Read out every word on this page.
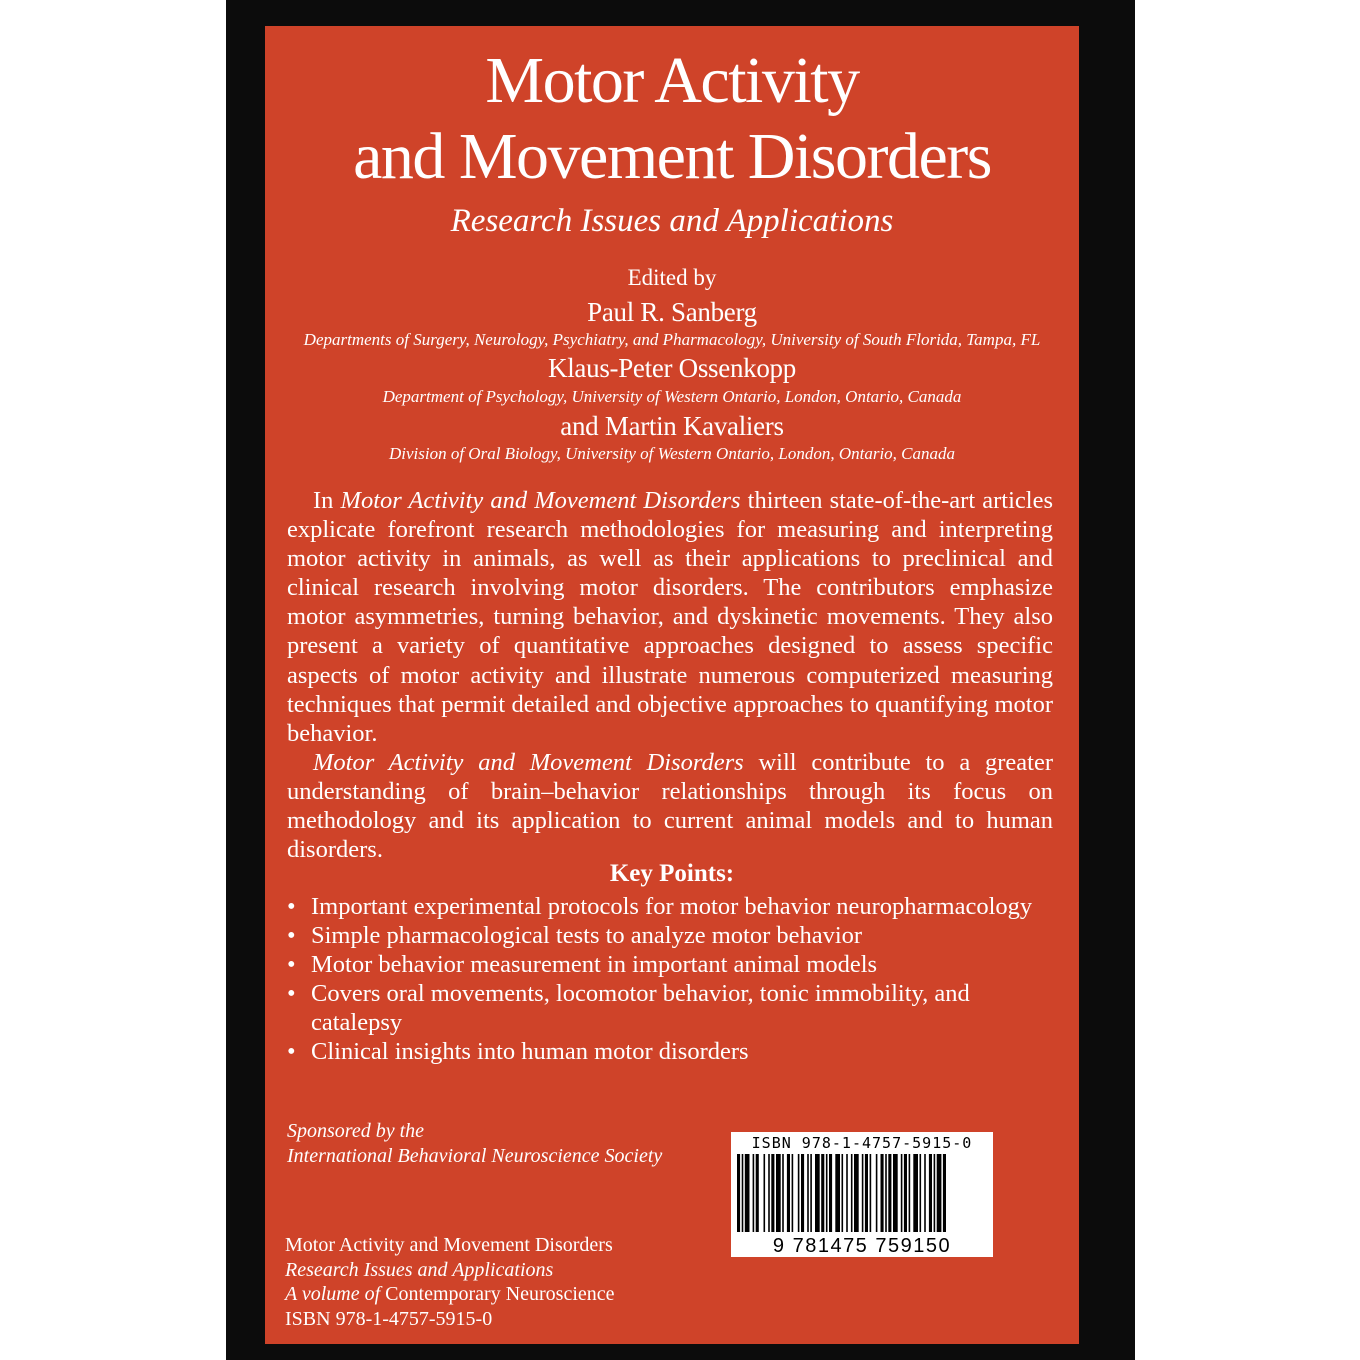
Motor Activity
and Movement Disorders
Research Issues and Applications
Edited by
Paul R. Sanberg
Departments of Surgery, Neurology, Psychiatry, and Pharmacology, University of South Florida, Tampa, FL
Klaus-Peter Ossenkopp
Department of Psychology, University of Western Ontario, London, Ontario, Canada
and Martin Kavaliers
Division of Oral Biology, University of Western Ontario, London, Ontario, Canada

In Motor Activity and Movement Disorders thirteen state-of-the-art articles explicate forefront research methodologies for measuring and interpreting motor activity in animals, as well as their applications to preclinical and clinical research involving motor disorders. The contributors emphasize motor asymmetries, turning behavior, and dyskinetic movements. They also present a variety of quantitative approaches designed to assess specific aspects of motor activity and illustrate numerous computerized measuring techniques that permit detailed and objective approaches to quantifying motor behavior.

Motor Activity and Movement Disorders will contribute to a greater understanding of brain–behavior relationships through its focus on methodology and its application to current animal models and to human disorders.

Key Points:
• Important experimental protocols for motor behavior neuropharmacology
• Simple pharmacological tests to analyze motor behavior
• Motor behavior measurement in important animal models
• Covers oral movements, locomotor behavior, tonic immobility, and catalepsy
• Clinical insights into human motor disorders
Sponsored by the
International Behavioral Neuroscience Society
Motor Activity and Movement Disorders
Research Issues and Applications
A volume of Contemporary Neuroscience
ISBN 978-1-4757-5915-0
ISBN 978-1-4757-5915-0
9 781475 759150
